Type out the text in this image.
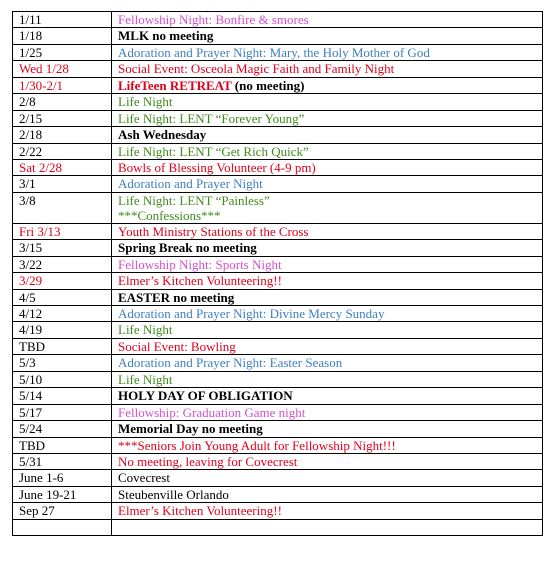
1/11	Fellowship Night: Bonfire & smores
1/18	MLK no meeting
1/25	Adoration and Prayer Night: Mary, the Holy Mother of God
Wed 1/28	Social Event: Osceola Magic Faith and Family Night
1/30-2/1	LifeTeen RETREAT (no meeting)
2/8	Life Night
2/15	Life Night: LENT “Forever Young”
2/18	Ash Wednesday
2/22	Life Night: LENT “Get Rich Quick”
Sat 2/28	Bowls of Blessing Volunteer (4-9 pm)
3/1	Adoration and Prayer Night
3/8	Life Night: LENT “Painless”
***Confessions***

Fri 3/13	Youth Ministry Stations of the Cross
3/15	Spring Break no meeting
3/22	Fellowship Night: Sports Night
3/29	Elmer’s Kitchen Volunteering!!
4/5	EASTER no meeting
4/12	Adoration and Prayer Night: Divine Mercy Sunday
4/19	Life Night
TBD	Social Event: Bowling
5/3	Adoration and Prayer Night: Easter Season
5/10	Life Night
5/14	HOLY DAY OF OBLIGATION
5/17	Fellowship: Graduation Game night
5/24	Memorial Day no meeting
TBD	***Seniors Join Young Adult for Fellowship Night!!!
5/31	No meeting, leaving for Covecrest
June 1-6	Covecrest
June 19-21	Steubenville Orlando
Sep 27	Elmer’s Kitchen Volunteering!!
